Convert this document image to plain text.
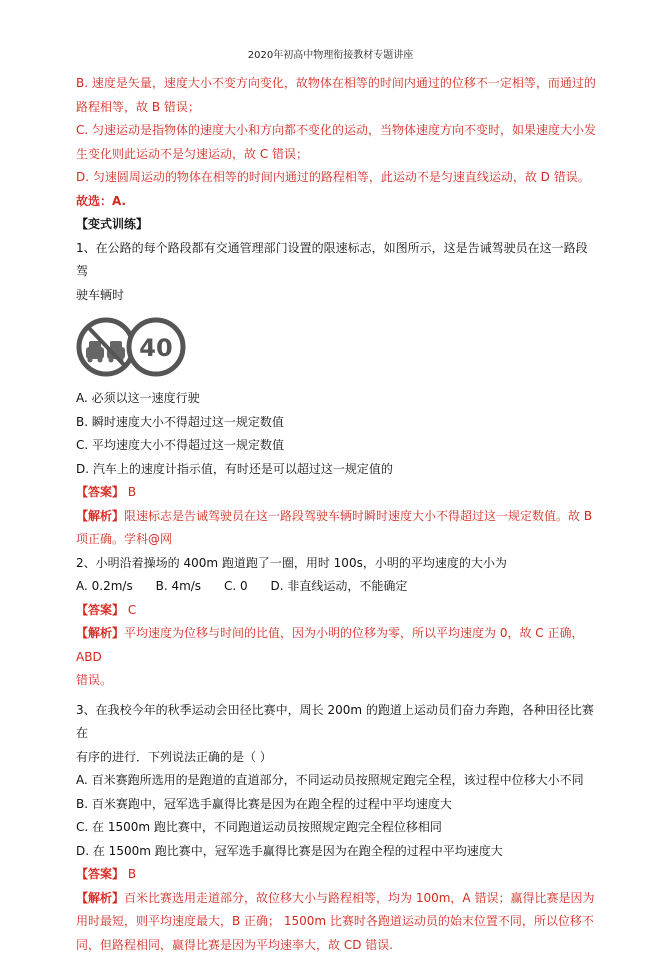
2020年初高中物理衔接教材专题讲座

B. 速度是矢量，速度大小不变方向变化，故物体在相等的时间内通过的位移不一定相等，而通过的

路程相等，故 B 错误；

C. 匀速运动是指物体的速度大小和方向都不变化的运动，当物体速度方向不变时，如果速度大小发

生变化则此运动不是匀速运动，故 C 错误；

D. 匀速圆周运动的物体在相等的时间内通过的路程相等，此运动不是匀速直线运动，故 D 错误。

故选：A.

【变式训练】

1、在公路的每个路段都有交通管理部门设置的限速标志，如图所示，这是告诫驾驶员在这一路段驾

驶车辆时

40

A. 必须以这一速度行驶

B. 瞬时速度大小不得超过这一规定数值

C. 平均速度大小不得超过这一规定数值

D. 汽车上的速度计指示值，有时还是可以超过这一规定值的

【答案】 B

【解析】限速标志是告诫驾驶员在这一路段驾驶车辆时瞬时速度大小不得超过这一规定数值。故 B

项正确。学科@网

2、小明沿着操场的 400m 跑道跑了一圈，用时 100s，小明的平均速度的大小为

A. 0.2m/s      B. 4m/s      C. 0      D. 非直线运动，不能确定

【答案】 C

【解析】平均速度为位移与时间的比值，因为小明的位移为零，所以平均速度为 0，故 C 正确，ABD

错误。

3、在我校今年的秋季运动会田径比赛中，周长 200m 的跑道上运动员们奋力奔跑，各种田径比赛在

有序的进行．下列说法正确的是（ ）

A. 百米赛跑所选用的是跑道的直道部分，不同运动员按照规定跑完全程，该过程中位移大小不同

B. 百米赛跑中，冠军选手赢得比赛是因为在跑全程的过程中平均速度大

C. 在 1500m 跑比赛中，不同跑道运动员按照规定跑完全程位移相同

D. 在 1500m 跑比赛中，冠军选手赢得比赛是因为在跑全程的过程中平均速度大

【答案】 B

【解析】百米比赛选用走道部分，故位移大小与路程相等，均为 100m，A 错误；赢得比赛是因为

用时最短，则平均速度最大，B 正确； 1500m 比赛时各跑道运动员的始末位置不同，所以位移不

同，但路程相同，赢得比赛是因为平均速率大，故 CD 错误.
